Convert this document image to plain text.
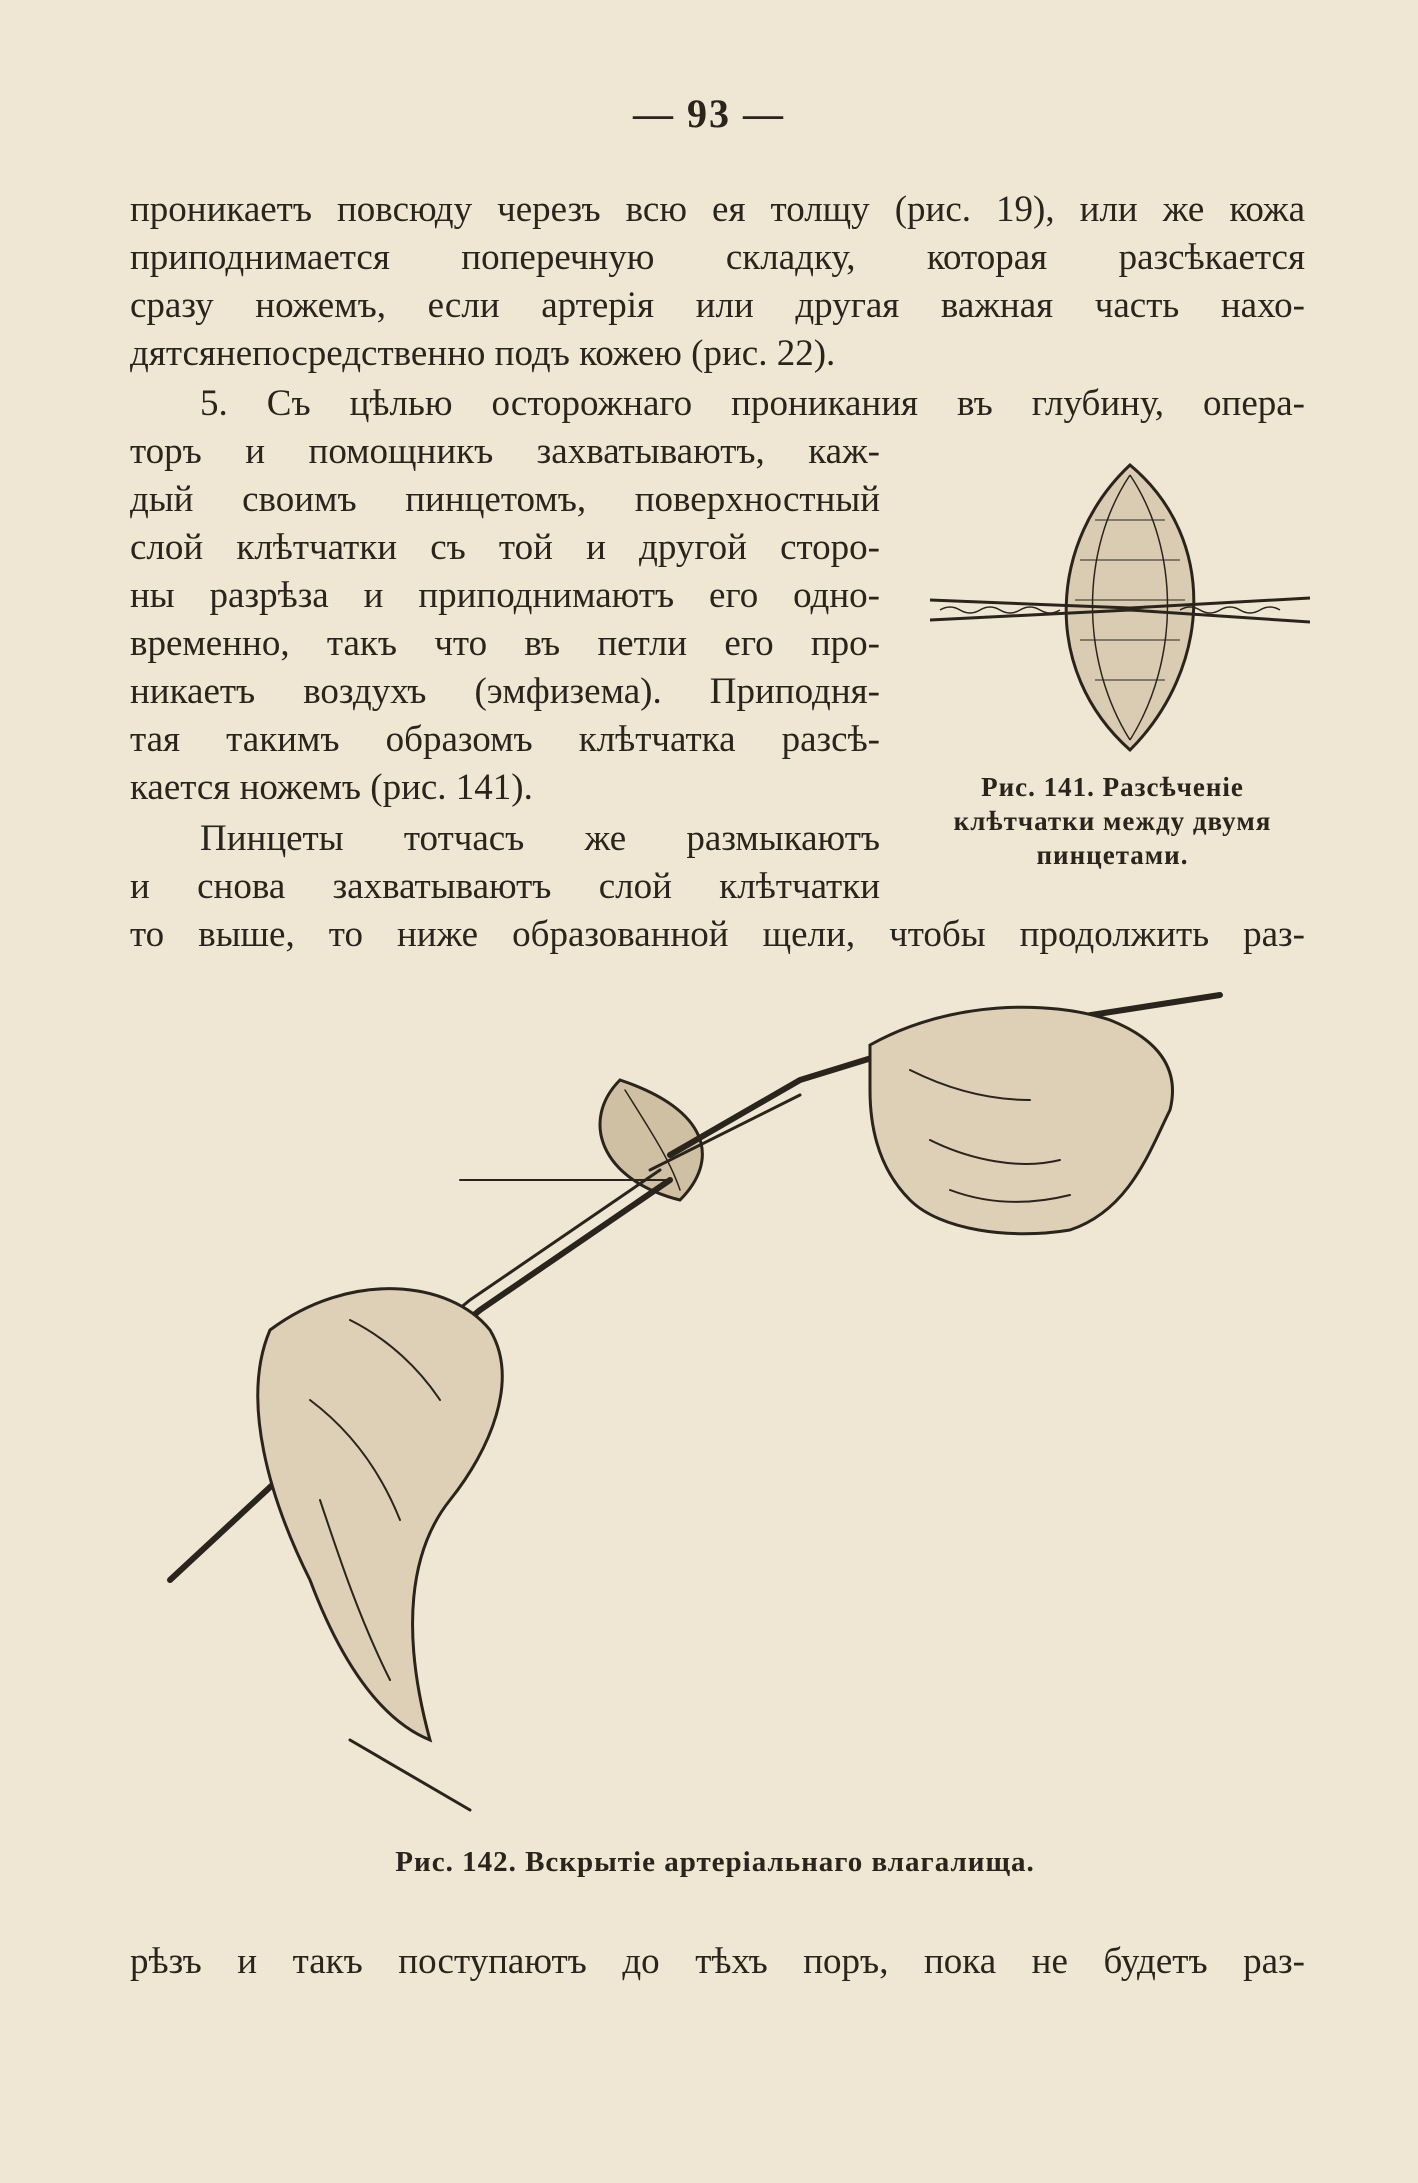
— 93 —
проникаетъ повсюду черезъ всю ея толщу (рис. 19), или же кожа
приподнимается поперечную складку, которая разсѣкается
сразу ножемъ, если артерія или другая важная часть нахо-
дятсянепосредственно подъ кожею (рис. 22).
5. Съ цѣлью осторожнаго проникания въ глубину, опера-
торъ и помощникъ захватываютъ, каж-
дый своимъ пинцетомъ, поверхностный
слой клѣтчатки съ той и другой сторо-
ны разрѣза и приподнимаютъ его одно-
временно, такъ что въ петли его про-
никаетъ воздухъ (эмфизема). Приподня-
тая такимъ образомъ клѣтчатка разсѣ-
кается ножемъ (рис. 141).
Пинцеты тотчасъ же размыкаютъ
и снова захватываютъ слой клѣтчатки
то выше, то ниже образованной щели, чтобы продолжить раз-
Рис. 141. Разсѣченіе
клѣтчатки между двумя
пинцетами.
Рис. 142. Вскрытіе артеріальнаго влагалища.
рѣзъ и такъ поступаютъ до тѣхъ поръ, пока не будетъ раз-
